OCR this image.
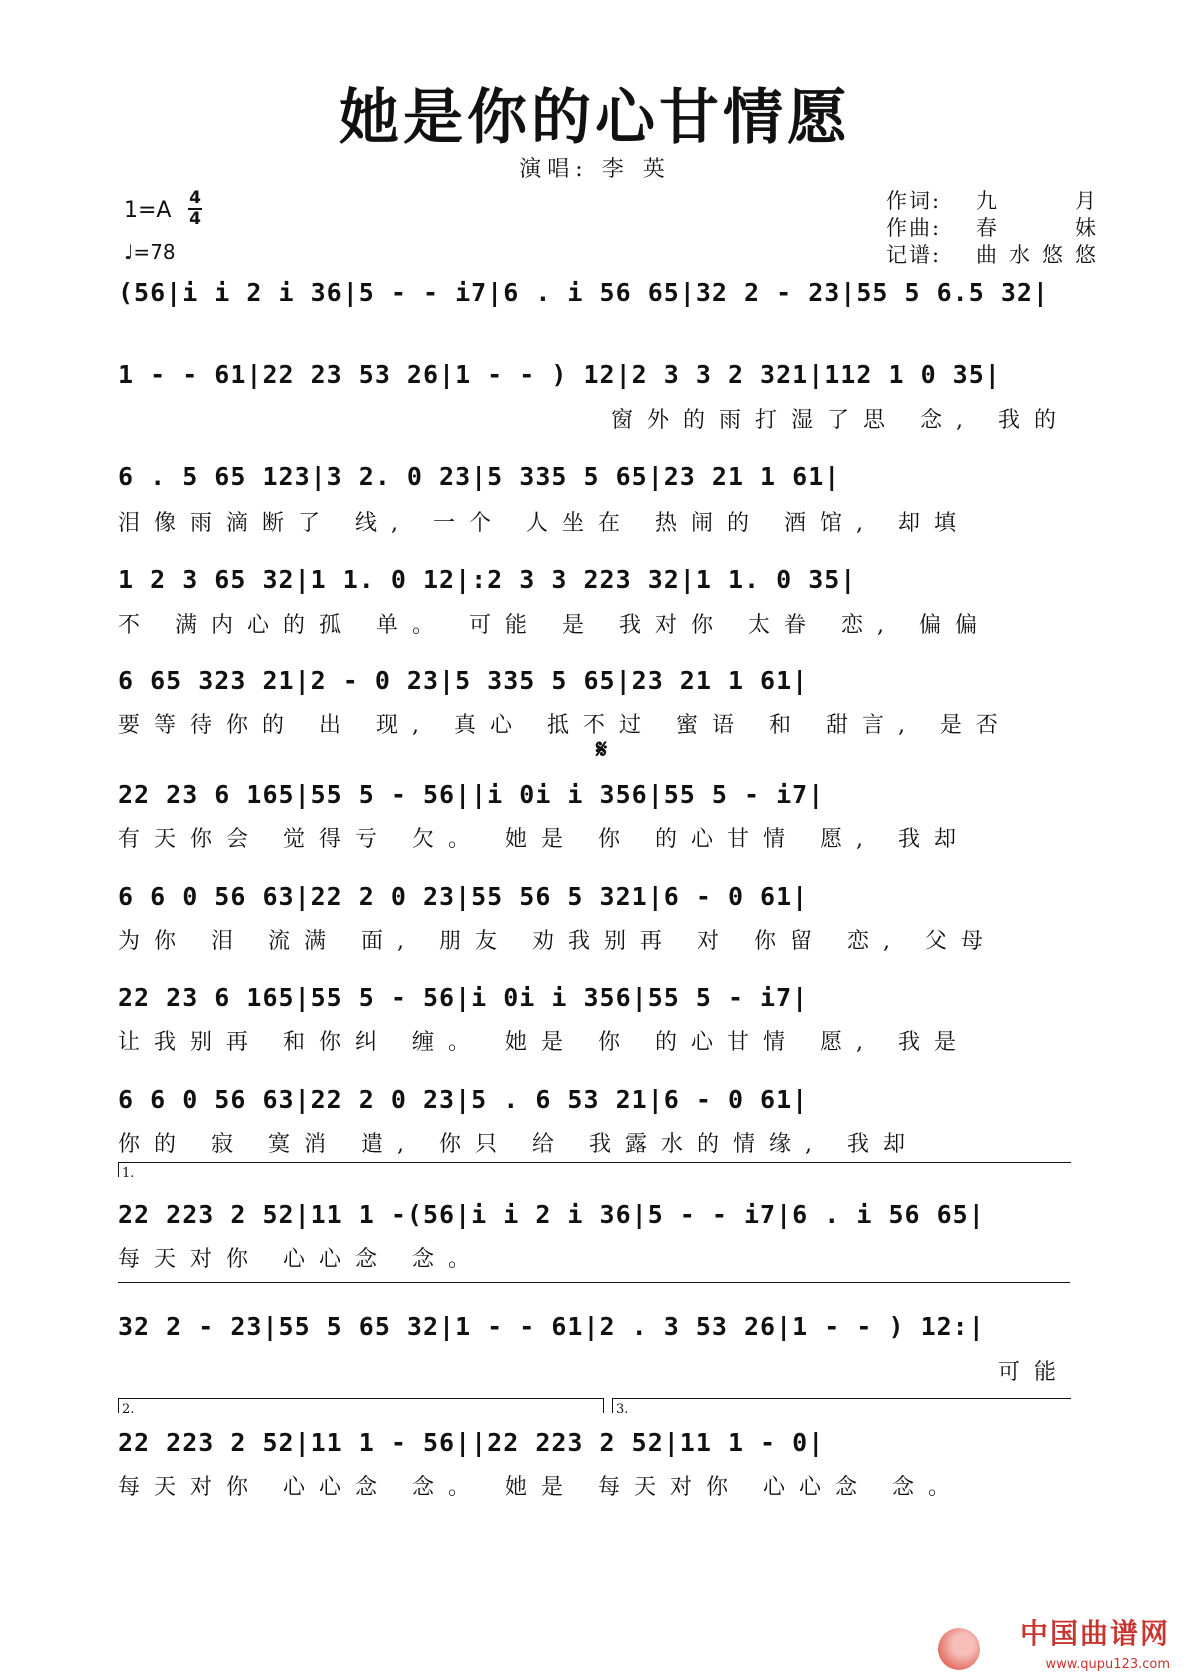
她是你的心甘情愿
演唱: 李 英
1=A 4
4
♩=78
作词:	九 月
作曲:	春 妹
记谱:	曲水悠悠
(56|i i 2 i 36|5 - - i7|6 . i 56 65|32 2 - 23|55 5 6.5 32|
1 - - 61|22 23 53 26|1 - - ) 12|2 3 3 2 321|112 1 0 35|
窗外的雨打湿了思 念, 我的
6 . 5 65 123|3 2. 0 23|5 335 5 65|23 21 1 61|
泪像雨滴断了 线, 一个 人坐在 热闹的 酒馆, 却填
1 2 3 65 32|1 1. 0 12|:2 3 3 223 32|1 1. 0 35|
不 满内心的孤 单。 可能 是 我对你 太眷 恋, 偏偏
6 65 323 21|2 - 0 23|5 335 5 65|23 21 1 61|
要等待你的 出 现, 真心 抵不过 蜜语 和 甜言, 是否
𝄋
22 23 6 165|55 5 - 56||i 0i i 356|55 5 - i7|
有天你会 觉得亏 欠。 她是 你 的心甘情 愿, 我却
6 6 0 56 63|22 2 0 23|55 56 5 321|6 - 0 61|
为你 泪 流满 面, 朋友 劝我别再 对 你留 恋, 父母
22 23 6 165|55 5 - 56|i 0i i 356|55 5 - i7|
让我别再 和你纠 缠。 她是 你 的心甘情 愿, 我是
6 6 0 56 63|22 2 0 23|5 . 6 53 21|6 - 0 61|
你的 寂 寞消 遣, 你只 给 我露水的情缘, 我却
1.
22 223 2 52|11 1 -(56|i i 2 i 36|5 - - i7|6 . i 56 65|
每天对你 心心念 念。
32 2 - 23|55 5 65 32|1 - - 61|2 . 3 53 26|1 - - ) 12:|
可能
2.	3.
22 223 2 52|11 1 - 56||22 223 2 52|11 1 - 0|
每天对你 心心念 念。 她是 每天对你 心心念 念。
中国曲谱网
www.qupu123.com
